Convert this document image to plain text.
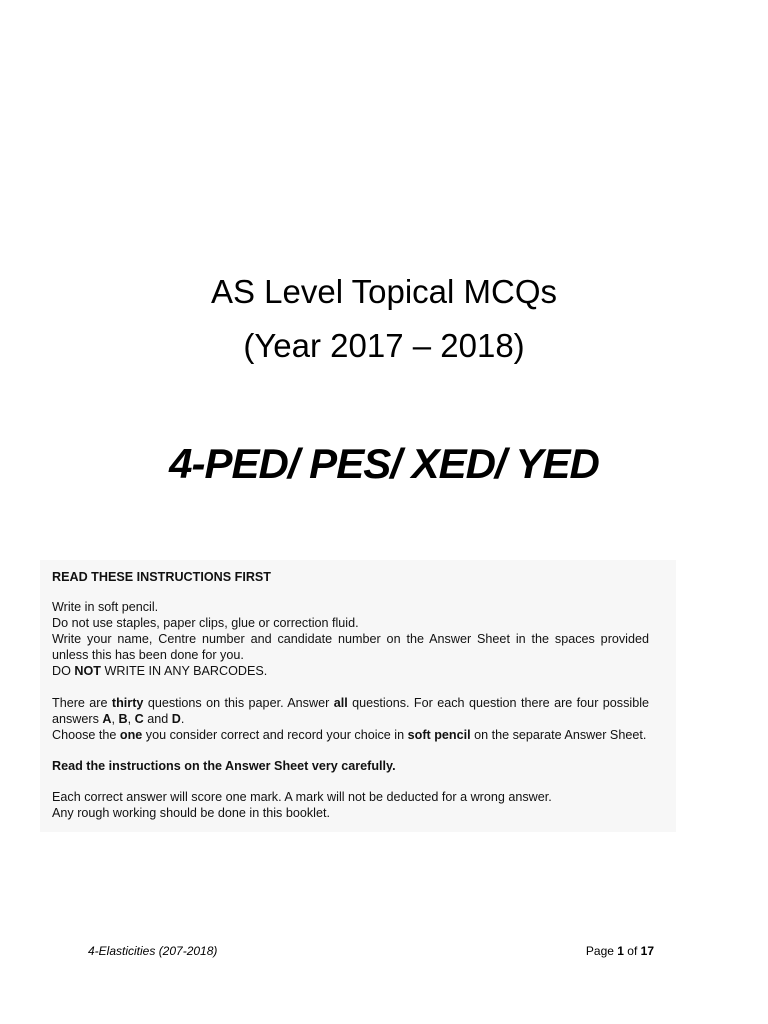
AS Level Topical MCQs
(Year 2017 – 2018)
4-PED/ PES/ XED/ YED

READ THESE INSTRUCTIONS FIRST

Write in soft pencil.

Do not use staples, paper clips, glue or correction fluid.

Write your name, Centre number and candidate number on the Answer Sheet in the spaces provided

unless this has been done for you.

DO NOT WRITE IN ANY BARCODES.

There are thirty questions on this paper. Answer all questions. For each question there are four possible

answers A, B, C and D.

Choose the one you consider correct and record your choice in soft pencil on the separate Answer Sheet.

Read the instructions on the Answer Sheet very carefully.

Each correct answer will score one mark. A mark will not be deducted for a wrong answer.

Any rough working should be done in this booklet.

4-Elasticities (207-2018)	Page 1 of 17
